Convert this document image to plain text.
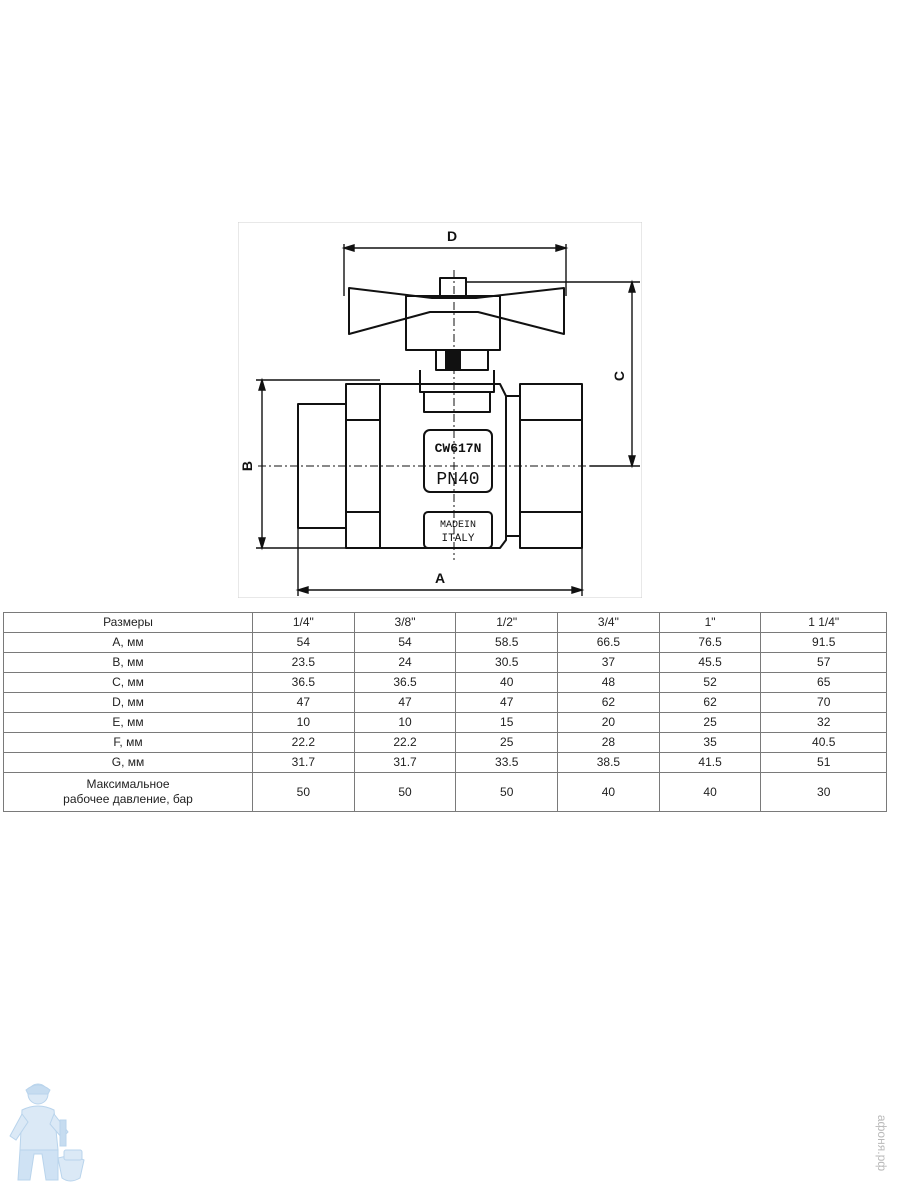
D
C
B
A
CW617N
PN40
MADEIN
ITALY
Размеры	1/4"	3/8"	1/2"	3/4"	1"	1 1/4"
A, мм	54	54	58.5	66.5	76.5	91.5
B, мм	23.5	24	30.5	37	45.5	57
C, мм	36.5	36.5	40	48	52	65
D, мм	47	47	47	62	62	70
E, мм	10	10	15	20	25	32
F, мм	22.2	22.2	25	28	35	40.5
G, мм	31.7	31.7	33.5	38.5	41.5	51
Максимальное
рабочее давление, бар	50	50	50	40	40	30
афоня.рф
